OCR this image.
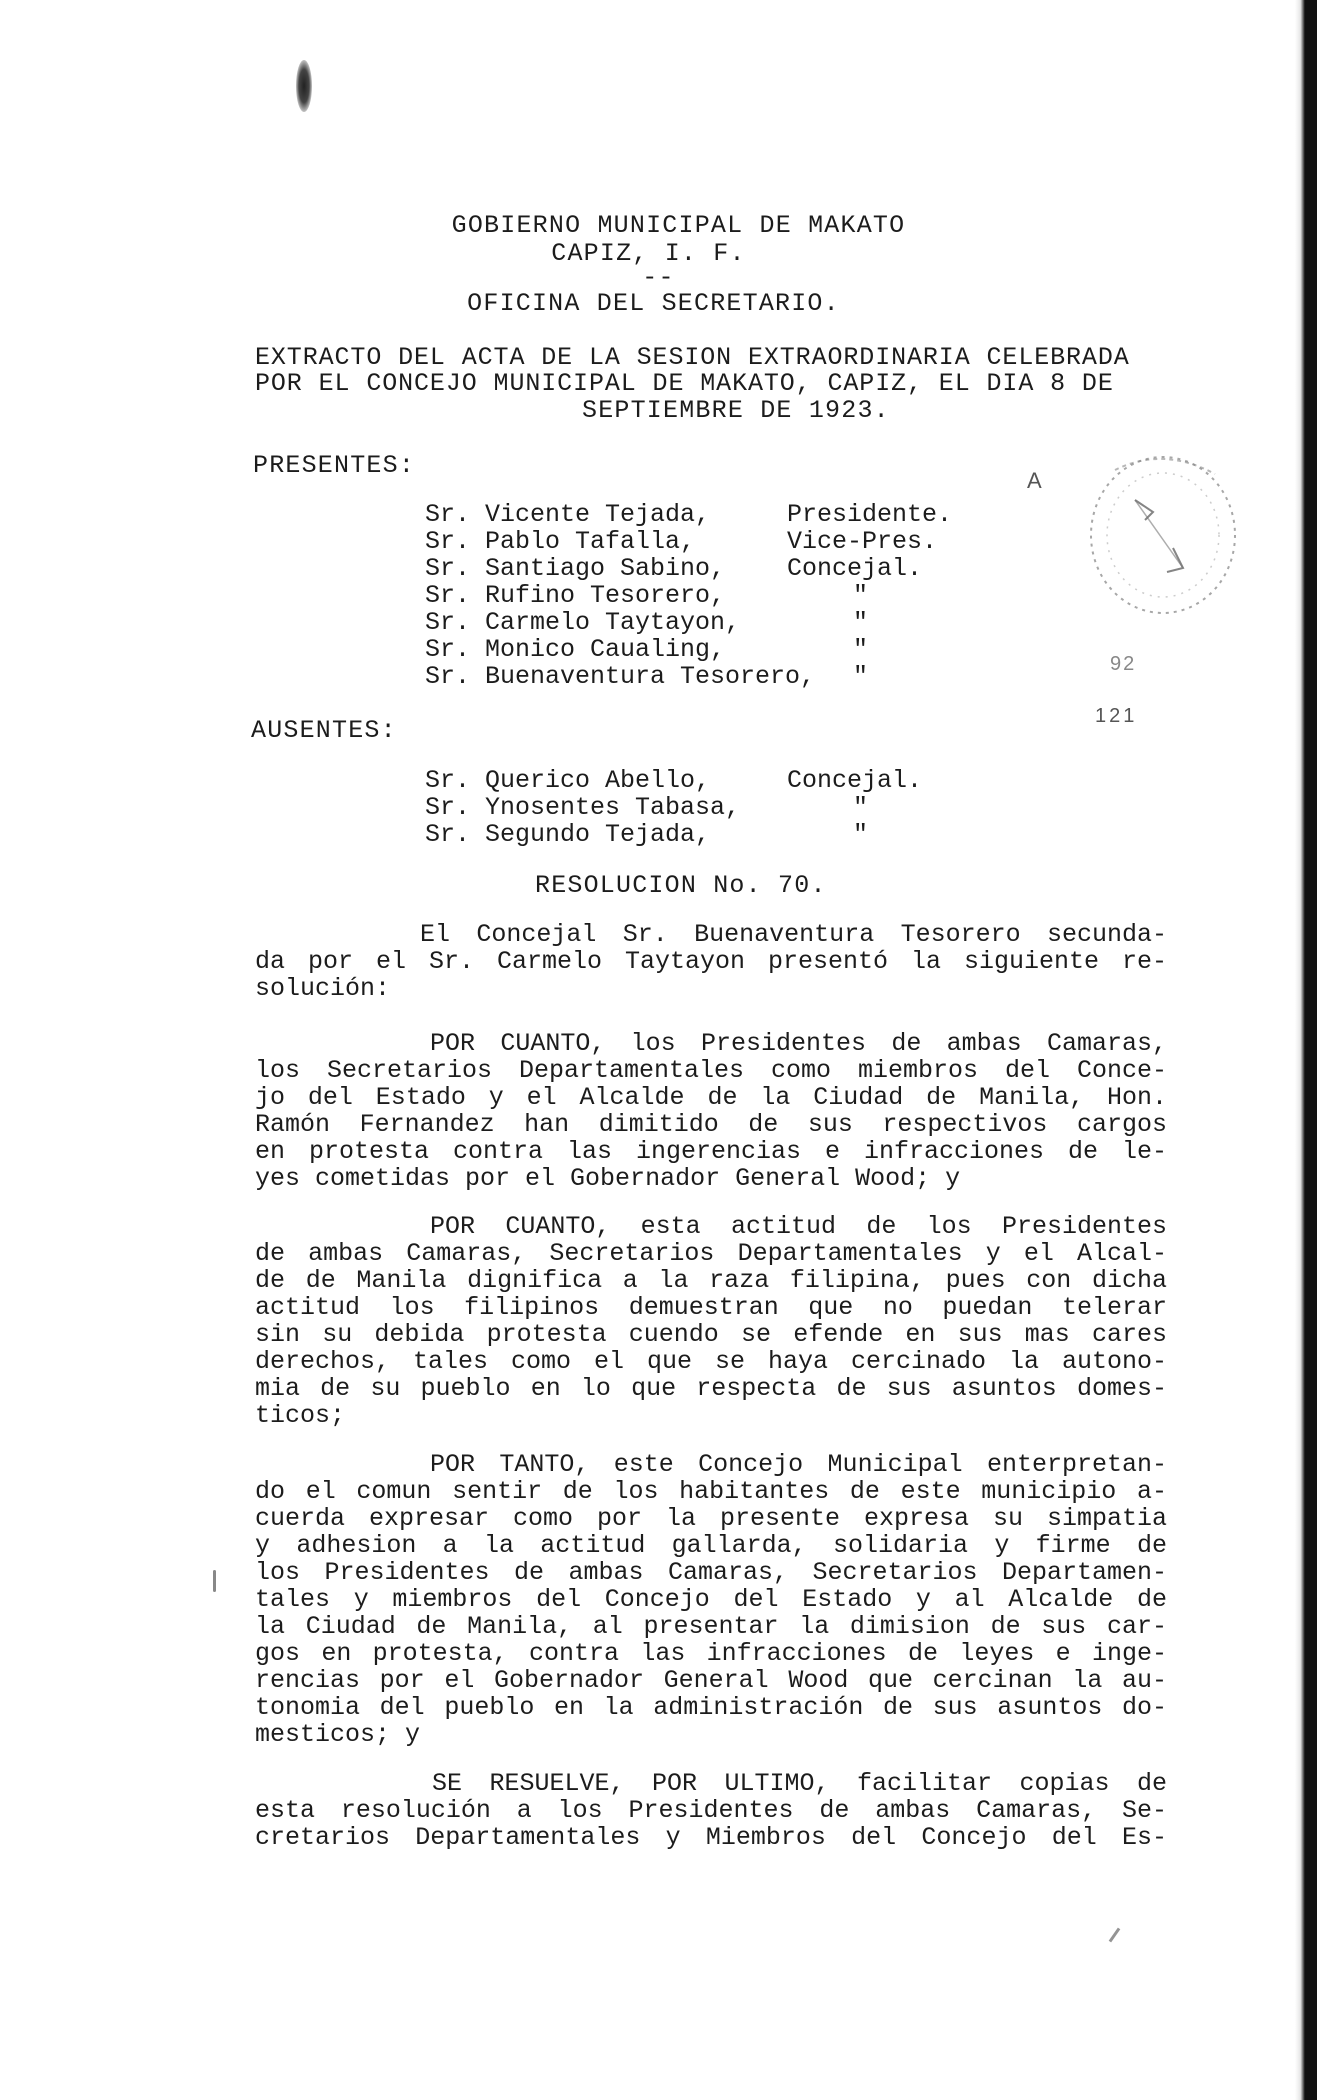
GOBIERNO MUNICIPAL DE MAKATO
CAPIZ, I. F.
--
OFICINA DEL SECRETARIO.
EXTRACTO DEL ACTA DE LA SESION EXTRAORDINARIA CELEBRADA
POR EL CONCEJO MUNICIPAL DE MAKATO, CAPIZ, EL DIA 8 DE
SEPTIEMBRE DE 1923.
PRESENTES:
Sr. Vicente Tejada,	Presidente.
Sr. Pablo Tafalla,	Vice-Pres.
Sr. Santiago Sabino, Concejal.
Sr. Rufino Tesorero,	"
Sr. Carmelo Taytayon,	"
Sr. Monico Caualing,	"
Sr. Buenaventura Tesorero, "
AUSENTES:
Sr. Querico Abello,	Concejal.
Sr. Ynosentes Tabasa,	"
Sr. Segundo Tejada,	"
RESOLUCION No. 70.
El Concejal Sr. Buenaventura Tesorero secunda-
da por el Sr. Carmelo Taytayon presentó la siguiente re-
solución:
POR CUANTO, los Presidentes de ambas Camaras,
los Secretarios Departamentales como miembros del Conce-
jo del Estado y el Alcalde de la Ciudad de Manila, Hon.
Ramón Fernandez han dimitido de sus respectivos cargos
en protesta contra las ingerencias e infracciones de le-
yes cometidas por el Gobernador General Wood; y
POR CUANTO, esta actitud de los Presidentes
de ambas Camaras, Secretarios Departamentales y el Alcal-
de de Manila dignifica a la raza filipina, pues con dicha
actitud los filipinos demuestran que no puedan telerar
sin su debida protesta cuendo se efende en sus mas cares
derechos, tales como el que se haya cercinado la autono-
mia de su pueblo en lo que respecta de sus asuntos domes-
ticos;
POR TANTO, este Concejo Municipal enterpretan-
do el comun sentir de los habitantes de este municipio a-
cuerda expresar como por la presente expresa su simpatia
y adhesion a la actitud gallarda, solidaria y firme de
los Presidentes de ambas Camaras, Secretarios Departamen-
tales y miembros del Concejo del Estado y al Alcalde de
la Ciudad de Manila, al presentar la dimision de sus car-
gos en protesta, contra las infracciones de leyes e inge-
rencias por el Gobernador General Wood que cercinan la au-
tonomia del pueblo en la administración de sus asuntos do-
mesticos; y
SE RESUELVE, POR ULTIMO, facilitar copias de
esta resolución a los Presidentes de ambas Camaras, Se-
cretarios Departamentales y Miembros del Concejo del Es-
A
92
121
